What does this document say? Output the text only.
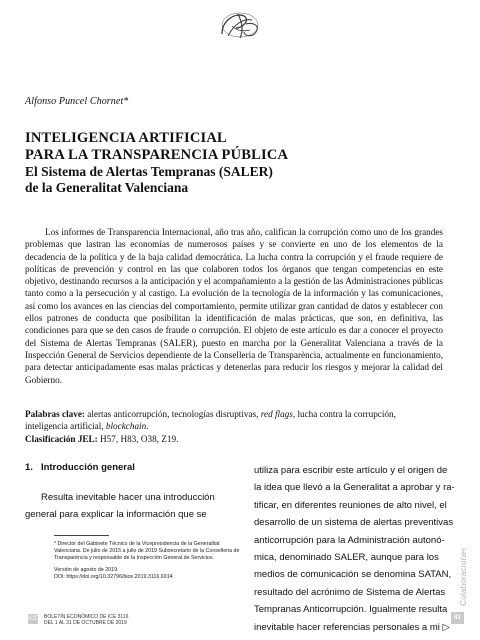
Alfonso Puncel Chornet*
INTELIGENCIA ARTIFICIAL
PARA LA TRANSPARENCIA PÚBLICA
El Sistema de Alertas Tempranas (SALER)
de la Generalitat Valenciana

Los informes de Transparencia Internacional, año tras año, califican la corrupción como uno de los grandes problemas que lastran las economías de numerosos países y se convierte en uno de los elementos de la decadencia de la política y de la baja calidad democrática. La lucha contra la corrupción y el fraude requiere de políticas de prevención y control en las que colaboren todos los órganos que tengan competencias en este objetivo, destinando recursos a la anticipación y el acompañamiento a la gestión de las Administraciones públicas tanto como a la persecución y al castigo. La evolución de la tecnología de la información y las comunicaciones, así como los avances en las ciencias del comportamiento, permite utilizar gran cantidad de datos y establecer con ellos patrones de conducta que posibilitan la identificación de malas prácticas, que son, en definitiva, las condiciones para que se den casos de fraude o corrupción. El objeto de este artículo es dar a conocer el proyecto del Sistema de Alertas Tempranas (SALER), puesto en marcha por la Generalitat Valenciana a través de la Inspección General de Servicios dependiente de la Conselleria de Transparència, actualmente en funcionamiento, para detectar anticipadamente esas malas prácticas y detenerlas para reducir los riesgos y mejorar la calidad del Gobierno.

Palabras clave: alertas anticorrupción, tecnologías disruptivas, red flags, lucha contra la corrupción,
inteligencia artificial, blockchain.
Clasificación JEL: H57, H83, O38, Z19.
1. Introducción general
Resulta inevitable hacer una introducción
general para explicar la información que se
utiliza para escribir este artículo y el origen de
la idea que llevó a la Generalitat a aprobar y ra-
tificar, en diferentes reuniones de alto nivel, el
desarrollo de un sistema de alertas preventivas
anticorrupción para la Administración autonó-
mica, denominado SALER, aunque para los
medios de comunicación se denomina SATAN,
resultado del acrónimo de Sistema de Alertas
Tempranas Anticorrupción. Igualmente resulta
inevitable hacer referencias personales a mi ▷
* Director del Gabinete Técnico de la Vicepresidencia de la Generalitat Valenciana. De julio de 2015 a julio de 2019 Subsecretario de la Conselleria de Transparència y responsable de la Inspección General de Servicios.
Versión de agosto de 2019.
DOI: https://doi.org/10.32796/bice.2019.3116.6914	Colaboraciones
ICE BOLETÍN ECONÓMICO DE ICE 3116
DEL 1 AL 31 DE OCTUBRE DE 2019
41
